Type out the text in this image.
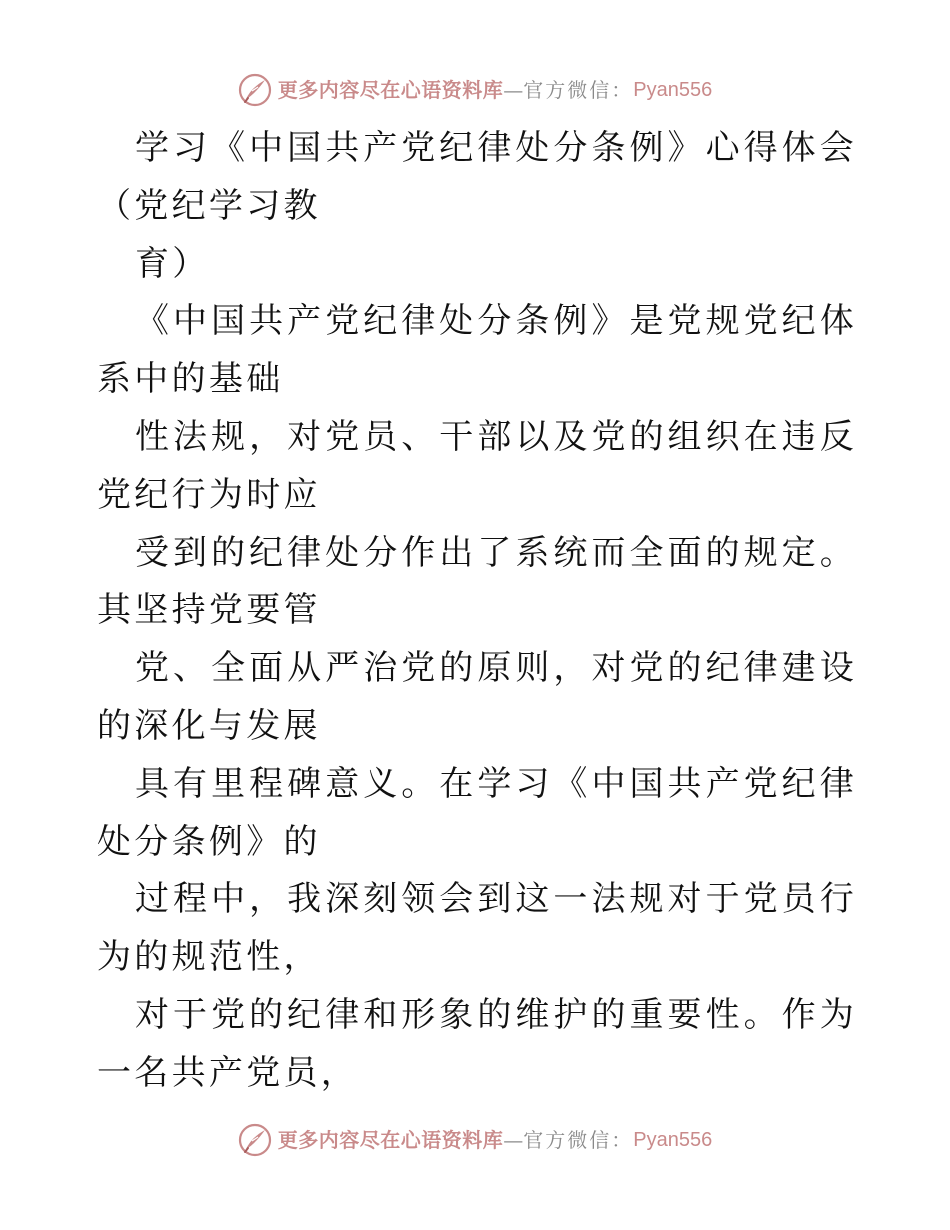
更多内容尽在心语资料库 — 官方微信： Pyan556

学习《中国共产党纪律处分条例》心得体会（党纪学习教

育）

《中国共产党纪律处分条例》是党规党纪体系中的基础

性法规，对党员、干部以及党的组织在违反党纪行为时应

受到的纪律处分作出了系统而全面的规定。其坚持党要管

党、全面从严治党的原则，对党的纪律建设的深化与发展

具有里程碑意义。在学习《中国共产党纪律处分条例》的

过程中，我深刻领会到这一法规对于党员行为的规范性，

对于党的纪律和形象的维护的重要性。作为一名共产党员，

更多内容尽在心语资料库 — 官方微信： Pyan556
